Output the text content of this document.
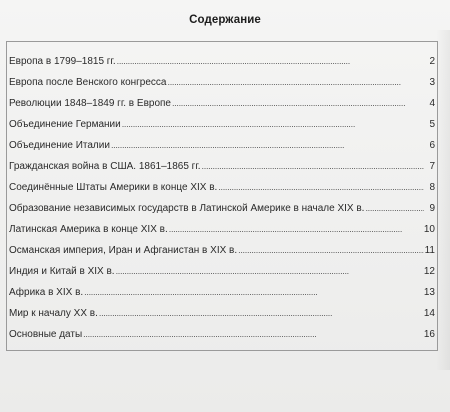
Содержание
Европа в 1799–1815 гг. . . .	2
Европа после Венского конгресса . . .	3
Революции 1848–1849 гг. в Европе . . .	4
Объединение Германии . . .	5
Объединение Италии . . .	6
Гражданская война в США. 1861–1865 гг. . . .	7
Соединённые Штаты Америки в конце XIX в. . . .	8
Образование независимых государств в Латинской Америке в начале XIX в. . . .	9
Латинская Америка в конце XIX в. . . .	10
Османская империя, Иран и Афганистан в XIX в. . . .	11
Индия и Китай в XIX в. . . .	12
Африка в XIX в. . . .	13
Мир к началу XX в. . . .	14
Основные даты . . .	16
